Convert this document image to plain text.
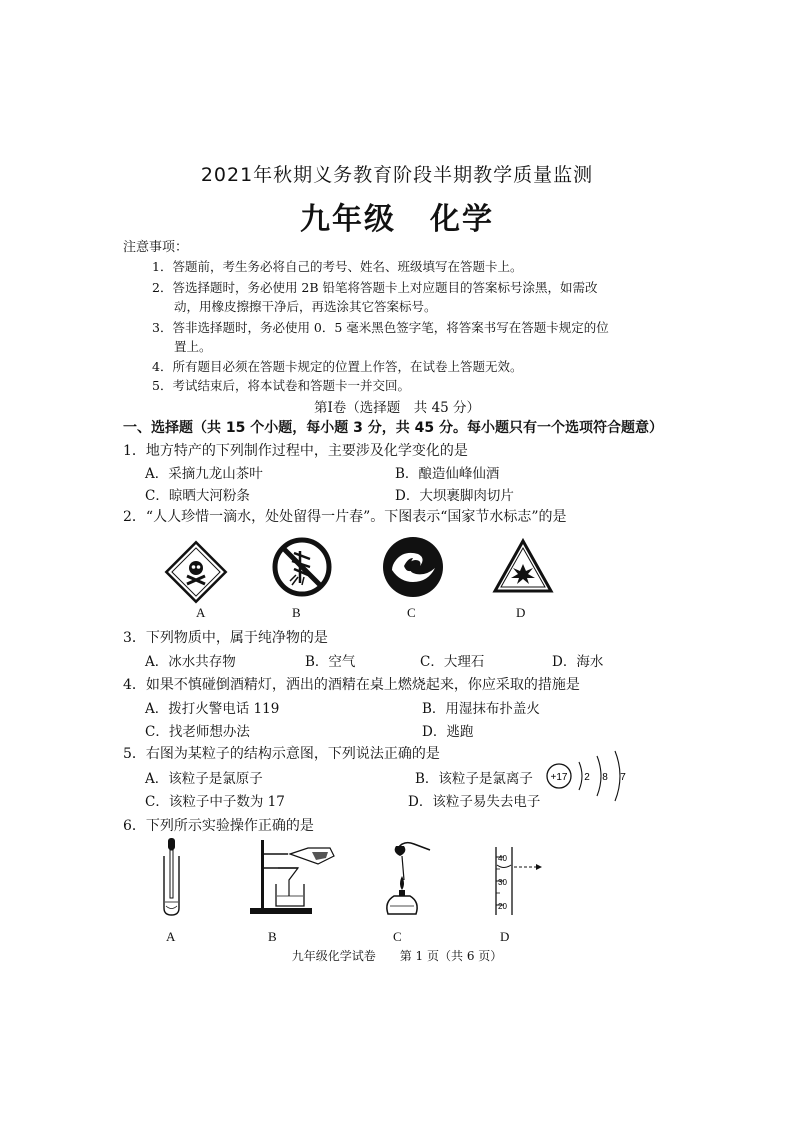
2021年秋期义务教育阶段半期教学质量监测
九年级 化学
注意事项：
1．答题前，考生务必将自己的考号、姓名、班级填写在答题卡上。
2．答选择题时，务必使用 2B 铅笔将答题卡上对应题目的答案标号涂黑，如需改
动，用橡皮擦擦干净后，再选涂其它答案标号。
3．答非选择题时，务必使用 0．5 毫米黑色签字笔，将答案书写在答题卡规定的位
置上。
4．所有题目必须在答题卡规定的位置上作答，在试卷上答题无效。
5．考试结束后，将本试卷和答题卡一并交回。
第Ⅰ卷（选择题　共 45 分）
一、选择题（共 15 个小题，每小题 3 分，共 45 分。每小题只有一个选项符合题意）
1．地方特产的下列制作过程中，主要涉及化学变化的是
A．采摘九龙山茶叶	B．酿造仙峰仙酒
C．晾晒大河粉条	D．大坝裹脚肉切片
2．“人人珍惜一滴水，处处留得一片春”。下图表示“国家节水标志”的是
A	B	C	D
3．下列物质中，属于纯净物的是
A．冰水共存物	B．空气	C．大理石	D．海水
4．如果不慎碰倒酒精灯，洒出的酒精在桌上燃烧起来，你应采取的措施是
A．拨打火警电话 119	B．用湿抹布扑盖火
C．找老师想办法	D．逃跑
5．右图为某粒子的结构示意图，下列说法正确的是
A．该粒子是氯原子	B．该粒子是氯离子
C．该粒子中子数为 17	D．该粒子易失去电子
+17 2 8 7
6．下列所示实验操作正确的是
40
30
20
A	B	C	D
九年级化学试卷　　第 1 页（共 6 页）
